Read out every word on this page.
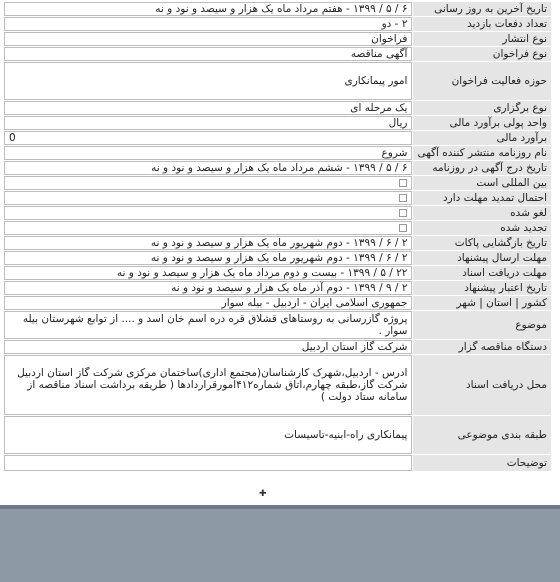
تاریخ آخرین به روز رسانی	۶ / ۵ / ۱۳۹۹ - هفتم مرداد ماه یک هزار و سیصد و نود و نه
تعداد دفعات بازدید	۲ - دو
نوع انتشار	فراخوان
نوع فراخوان	آگهی مناقصه
حوزه فعالیت فراخوان	امور پیمانکاری
نوع برگزاری	یک مرحله ای
واحد پولی برآورد مالی	ریال
برآورد مالی	0
نام روزنامه منتشر کننده آگهی	شروع
تاریخ درج آگهی در روزنامه	۶ / ۵ / ۱۳۹۹ - ششم مرداد ماه یک هزار و سیصد و نود و نه
بین المللی است	
احتمال تمدید مهلت دارد	
لغو شده	
تجدید شده	
تاریخ بازگشایی پاکات	۲ / ۶ / ۱۳۹۹ - دوم شهریور ماه یک هزار و سیصد و نود و نه
مهلت ارسال پیشنهاد	۲ / ۶ / ۱۳۹۹ - دوم شهریور ماه یک هزار و سیصد و نود و نه
مهلت دریافت اسناد	۲۲ / ۵ / ۱۳۹۹ - بیست و دوم مرداد ماه یک هزار و سیصد و نود و نه
تاریخ اعتبار پیشنهاد	۲ / ۹ / ۱۳۹۹ - دوم آذر ماه یک هزار و سیصد و نود و نه
کشور | استان | شهر	جمهوری اسلامی ایران - اردبیل - بیله سوار
موضوع	پروژه گازرسانی به روستاهای قشلاق قره دره اسم خان اسد و .... از توابع شهرستان بیله سوار .
دستگاه مناقصه گزار	شرکت گاز استان اردبیل
محل دریافت اسناد	ادرس - اردبیل،شهرک کارشناسان(مجتمع اداری)ساختمان مرکزی شرکت گاز استان اردبیل شرکت گاز،طبقه چهارم،اتاق شماره۴۱۲امورقراردادها ( طریقه برداشت اسناد مناقصه از سامانه ستاد دولت )
طبقه بندی موضوعی	پیمانکاری راه-ابنیه-تاسیسات
توضیحات	
✚
